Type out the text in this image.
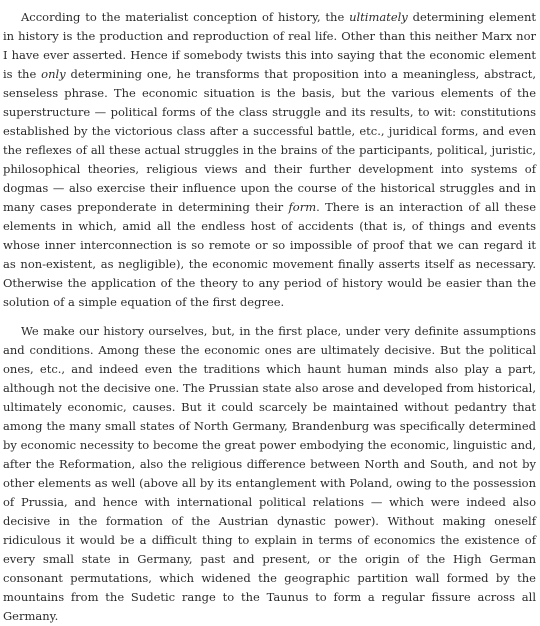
According to the materialist conception of history, the ultimately determining element in history is the production and reproduction of real life. Other than this neither Marx nor I have ever asserted. Hence if somebody twists this into saying that the economic element is the only determining one, he transforms that proposition into a meaningless, abstract, senseless phrase. The economic situation is the basis, but the various elements of the superstructure — political forms of the class struggle and its results, to wit: constitutions established by the victorious class after a successful battle, etc., juridical forms, and even the reflexes of all these actual struggles in the brains of the participants, political, juristic, philosophical theories, religious views and their further development into systems of dogmas — also exercise their influence upon the course of the historical struggles and in many cases preponderate in determining their form. There is an interaction of all these elements in which, amid all the endless host of accidents (that is, of things and events whose inner interconnection is so remote or so impossible of proof that we can regard it as non-existent, as negligible), the economic movement finally asserts itself as necessary. Otherwise the application of the theory to any period of history would be easier than the solution of a simple equation of the first degree.

We make our history ourselves, but, in the first place, under very definite assumptions and conditions. Among these the economic ones are ultimately decisive. But the political ones, etc., and indeed even the traditions which haunt human minds also play a part, although not the decisive one. The Prussian state also arose and developed from historical, ultimately economic, causes. But it could scarcely be maintained without pedantry that among the many small states of North Germany, Brandenburg was specifically determined by economic necessity to become the great power embodying the economic, linguistic and, after the Reformation, also the religious difference between North and South, and not by other elements as well (above all by its entanglement with Poland, owing to the possession of Prussia, and hence with international political relations — which were indeed also decisive in the formation of the Austrian dynastic power). Without making oneself ridiculous it would be a difficult thing to explain in terms of economics the existence of every small state in Germany, past and present, or the origin of the High German consonant permutations, which widened the geographic partition wall formed by the mountains from the Sudetic range to the Taunus to form a regular fissure across all Germany.
